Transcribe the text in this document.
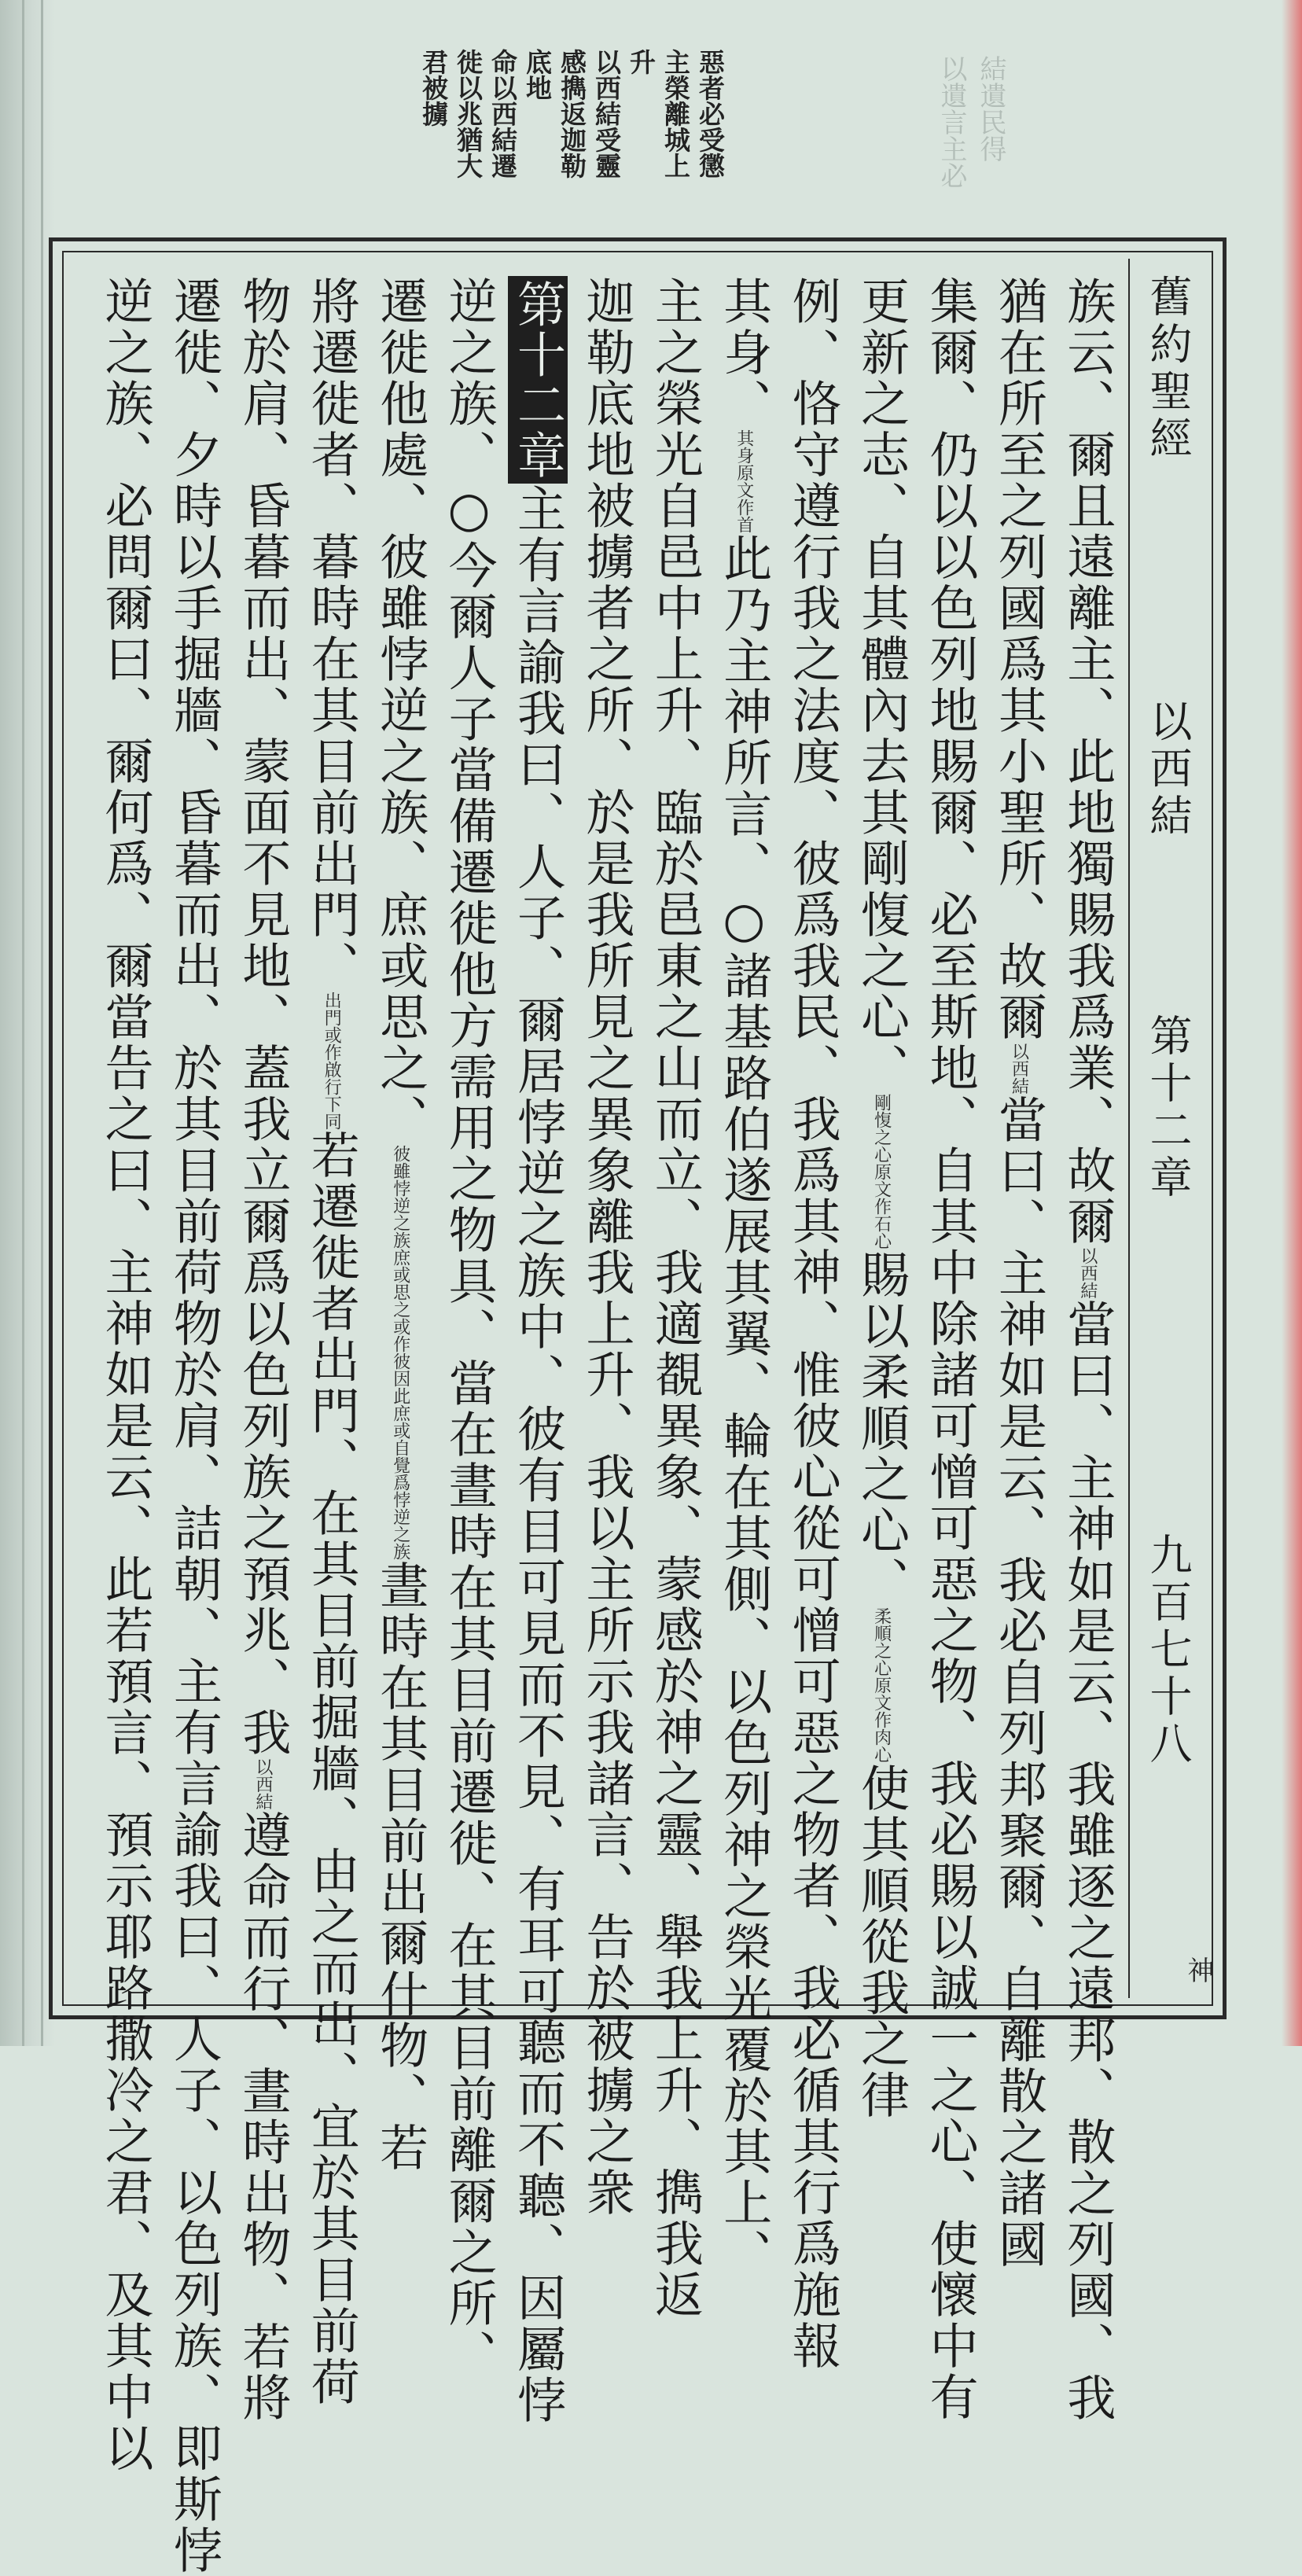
以遺言主必 結遺民得
惡者必受懲
主榮離城上
升
以西結受靈
感擕返迦勒
底地
命以西結遷
徙以兆猶大
君被擄
舊約聖經
以西結
第十二章
九百七十八
族云、爾且遠離主、此地獨賜我爲業、故爾以西結當曰、主神如是云、我雖逐之遠邦、散之列國、我
猶在所至之列國爲其小聖所、故爾以西結當曰、主神如是云、我必自列邦聚爾、自離散之諸國
集爾、仍以以色列地賜爾、必至斯地、自其中除諸可憎可惡之物、我必賜以誠一之心、使懷中有
更新之志、自其體內去其剛愎之心、剛愎之心原文作石心賜以柔順之心、柔順之心原文作肉心使其順從我之律
例、恪守遵行我之法度、彼爲我民、我爲其神、惟彼心從可憎可惡之物者、我必循其行爲施報
其身、其身原文作首此乃主神所言、○諸基路伯遂展其翼、輪在其側、以色列神之榮光覆於其上、
主之榮光自邑中上升、臨於邑東之山而立、我適覩異象、蒙感於神之靈、舉我上升、擕我返
迦勒底地被擄者之所、於是我所見之異象離我上升、我以主所示我諸言、告於被擄之衆
第十二章主有言諭我曰、人子、爾居悖逆之族中、彼有目可見而不見、有耳可聽而不聽、因屬悖
逆之族、○今爾人子當備遷徙他方需用之物具、當在晝時在其目前遷徙、在其目前離爾之所、
遷徙他處、彼雖悖逆之族、庶或思之、彼雖悖逆之族庶或思之或作彼因此庶或自覺爲悖逆之族晝時在其目前出爾什物、若
將遷徙者、暮時在其目前出門、出門或作啟行下同若遷徙者出門、在其目前掘牆、由之而出、宜於其目前荷
物於肩、昏暮而出、蒙面不見地、蓋我立爾爲以色列族之預兆、我以西結遵命而行、晝時出物、若將
遷徙、夕時以手掘牆、昏暮而出、於其目前荷物於肩、詰朝、主有言諭我曰、人子、以色列族、即斯悖
逆之族、必問爾曰、爾何爲、爾當告之曰、主神如是云、此若預言、預示耶路撒冷之君、及其中以	神
